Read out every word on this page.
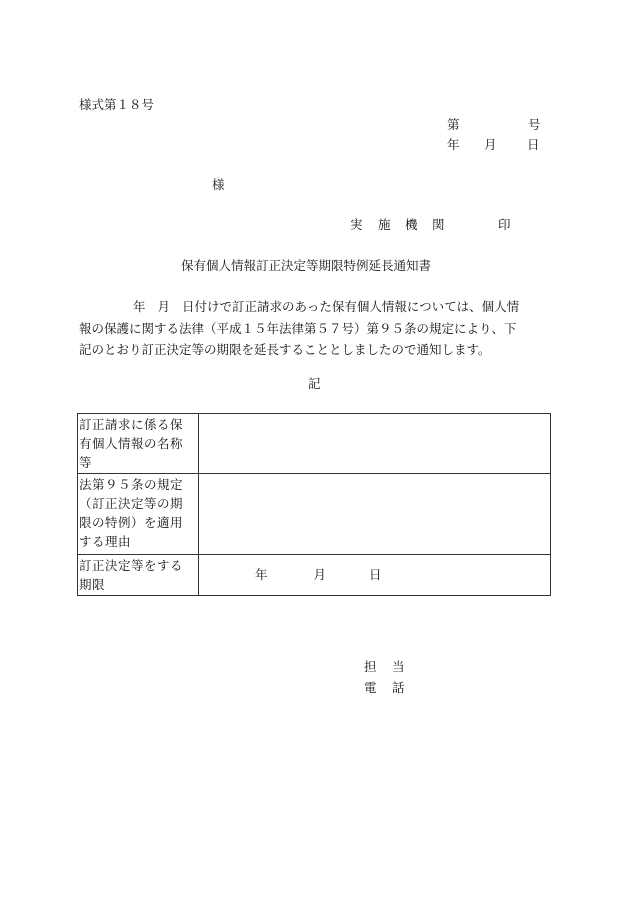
様式第１８号
第	号
年 月 日
様
実 施 機 関	印
保有個人情報訂正決定等期限特例延長通知書

年 月 日付けで訂正請求のあった保有個人情報については、個人情

報の保護に関する法律（平成１５年法律第５７号）第９５条の規定により、下

記のとおり訂正決定等の期限を延長することとしましたので通知します。

記
訂正請求に係る保
有個人情報の名称
等	

法第９５条の規定
（訂正決定等の期
限の特例）を適用
する理由	

訂正決定等をする
期限	年 月 日
担 当
電 話
